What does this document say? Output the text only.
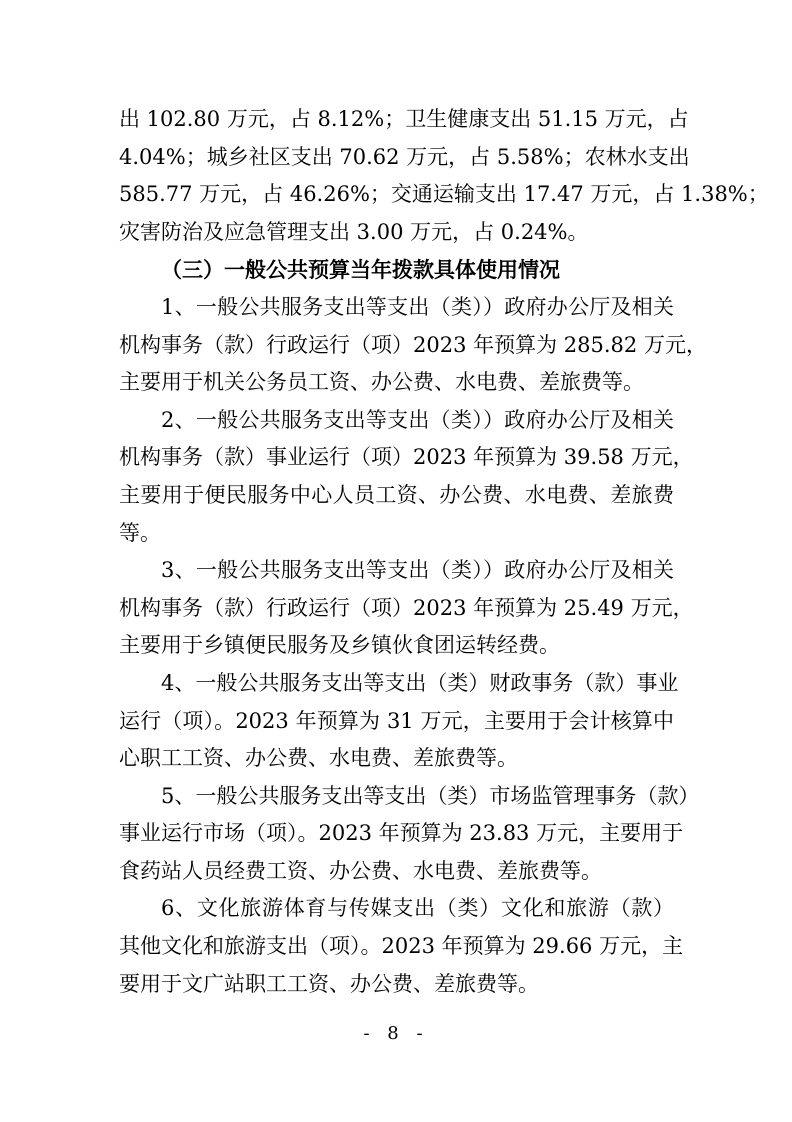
出 102.80 万元，占 8.12%；卫生健康支出 51.15 万元，占
4.04%；城乡社区支出 70.62 万元，占 5.58%；农林水支出
585.77 万元，占 46.26%；交通运输支出 17.47 万元，占 1.38%；
灾害防治及应急管理支出 3.00 万元，占 0.24%。
（三）一般公共预算当年拨款具体使用情况
1、一般公共服务支出等支出（类））政府办公厅及相关
机构事务（款）行政运行（项）2023 年预算为 285.82 万元，
主要用于机关公务员工资、办公费、水电费、差旅费等。
2、一般公共服务支出等支出（类））政府办公厅及相关
机构事务（款）事业运行（项）2023 年预算为 39.58 万元，
主要用于便民服务中心人员工资、办公费、水电费、差旅费
等。
3、一般公共服务支出等支出（类））政府办公厅及相关
机构事务（款）行政运行（项）2023 年预算为 25.49 万元，
主要用于乡镇便民服务及乡镇伙食团运转经费。
4、一般公共服务支出等支出（类）财政事务（款）事业
运行（项）。2023 年预算为 31 万元，主要用于会计核算中
心职工工资、办公费、水电费、差旅费等。
5、一般公共服务支出等支出（类）市场监管理事务（款）
事业运行市场（项）。2023 年预算为 23.83 万元，主要用于
食药站人员经费工资、办公费、水电费、差旅费等。
6、文化旅游体育与传媒支出（类）文化和旅游（款）
其他文化和旅游支出（项）。2023 年预算为 29.66 万元，主
要用于文广站职工工资、办公费、差旅费等。
- 8 -
